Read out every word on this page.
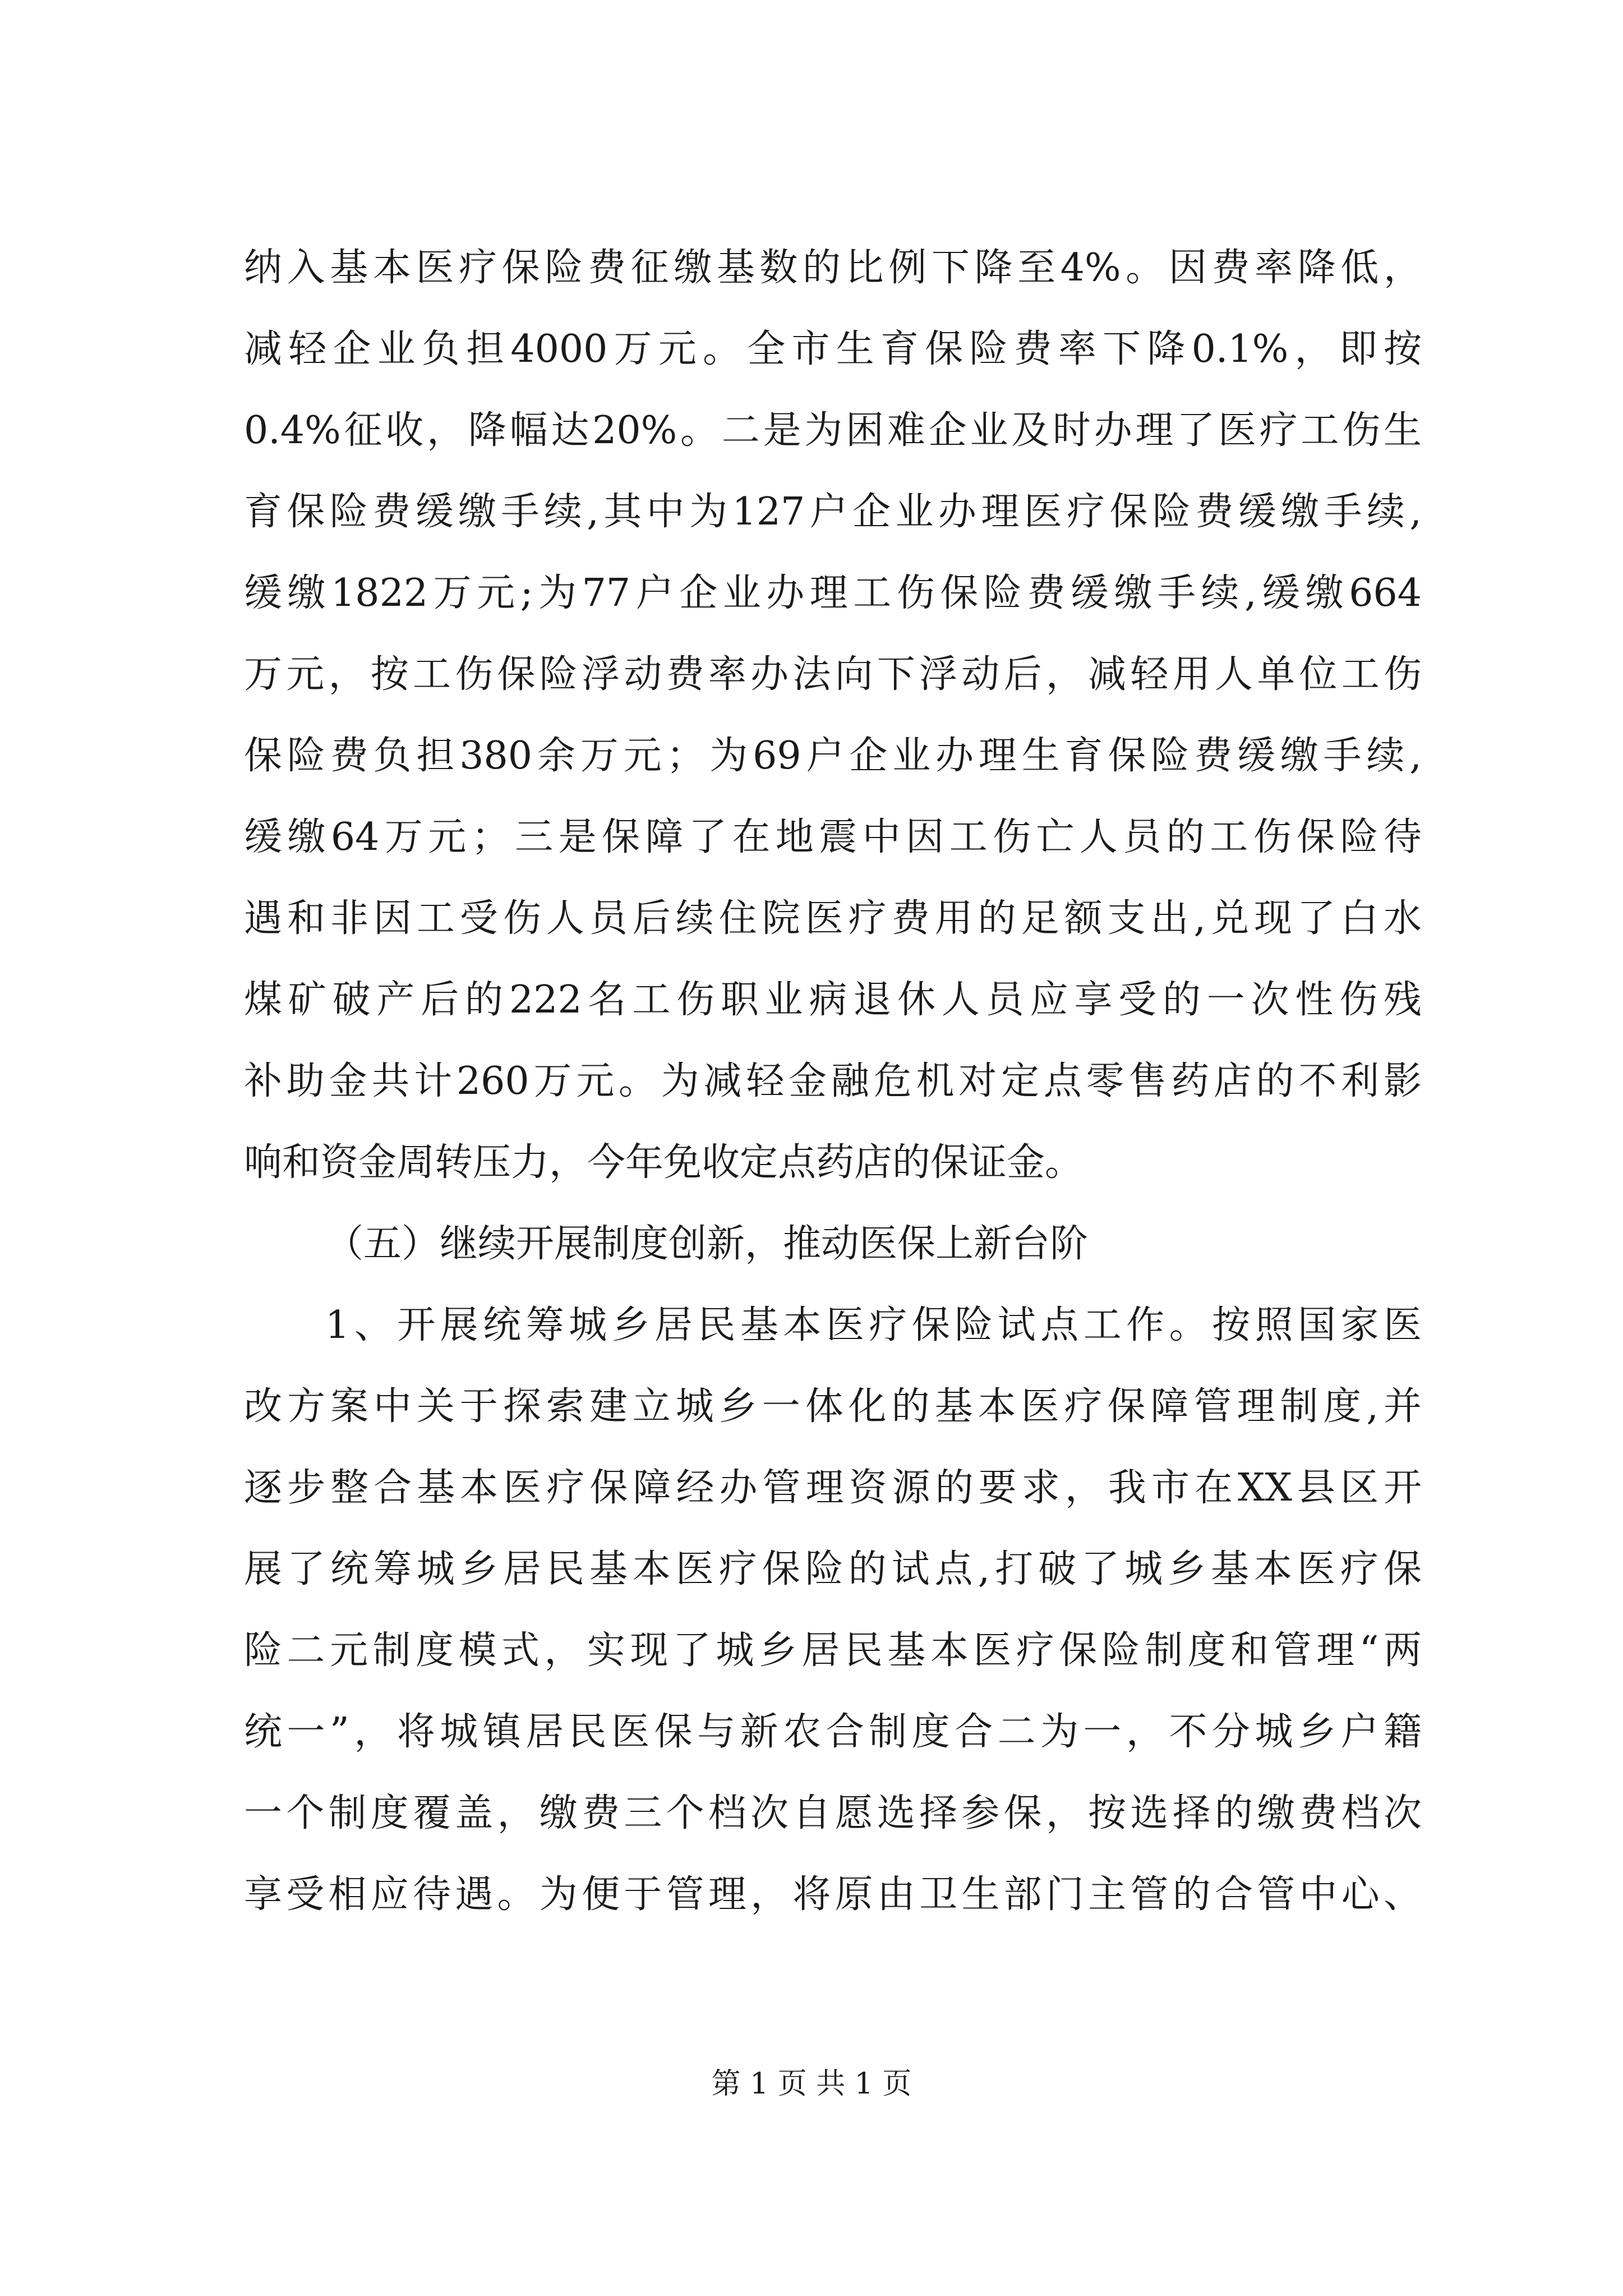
纳入基本医疗保险费征缴基数的比例下降至4%。因费率降低，
减轻企业负担4000万元。全市生育保险费率下降0.1%，即按
0.4%征收，降幅达20%。二是为困难企业及时办理了医疗工伤生
育保险费缓缴手续,其中为127户企业办理医疗保险费缓缴手续,
缓缴1822万元;为77户企业办理工伤保险费缓缴手续,缓缴664
万元，按工伤保险浮动费率办法向下浮动后，减轻用人单位工伤
保险费负担380余万元；为69户企业办理生育保险费缓缴手续,
缓缴64万元；三是保障了在地震中因工伤亡人员的工伤保险待
遇和非因工受伤人员后续住院医疗费用的足额支出,兑现了白水
煤矿破产后的222名工伤职业病退休人员应享受的一次性伤残
补助金共计260万元。为减轻金融危机对定点零售药店的不利影
响和资金周转压力，今年免收定点药店的保证金。
（五）继续开展制度创新，推动医保上新台阶
1、开展统筹城乡居民基本医疗保险试点工作。按照国家医
改方案中关于探索建立城乡一体化的基本医疗保障管理制度,并
逐步整合基本医疗保障经办管理资源的要求，我市在XX县区开
展了统筹城乡居民基本医疗保险的试点,打破了城乡基本医疗保
险二元制度模式，实现了城乡居民基本医疗保险制度和管理“两
统一”，将城镇居民医保与新农合制度合二为一，不分城乡户籍
一个制度覆盖，缴费三个档次自愿选择参保，按选择的缴费档次
享受相应待遇。为便于管理，将原由卫生部门主管的合管中心、
第 1 页 共 1 页
